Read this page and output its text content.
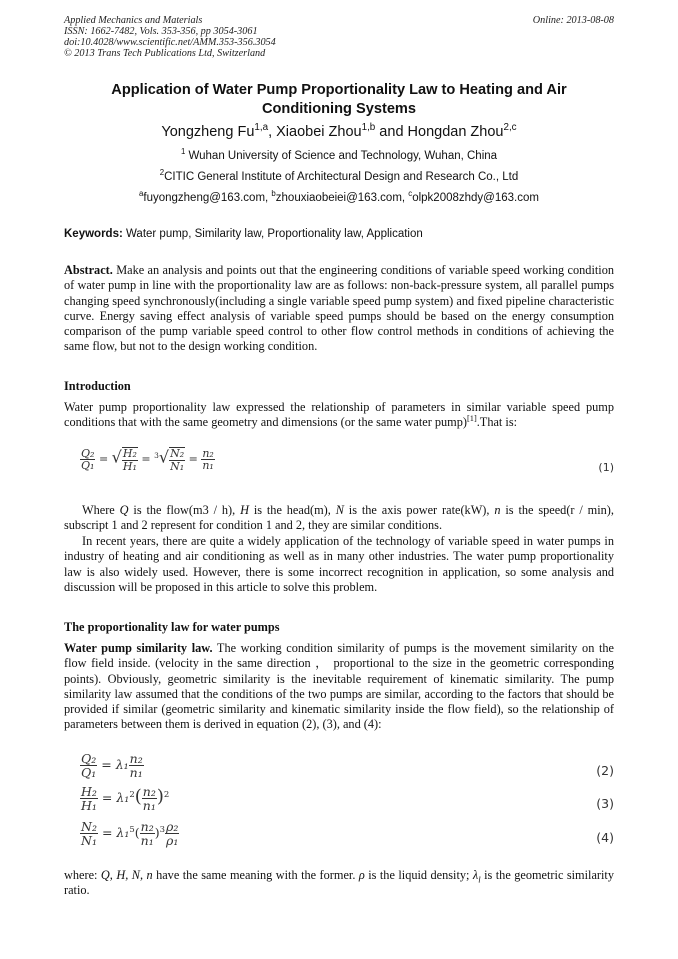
Applied Mechanics and Materials
ISSN: 1662-7482, Vols. 353-356, pp 3054-3061
doi:10.4028/www.scientific.net/AMM.353-356.3054
© 2013 Trans Tech Publications Ltd, Switzerland
Online: 2013-08-08
Application of Water Pump Proportionality Law to Heating and Air
Conditioning Systems
Yongzheng Fu$^{1,a}$, Xiaobei Zhou$^{1,b}$ and Hongdan Zhou$^{2,c}$
$^1$ Wuhan University of Science and Technology, Wuhan, China
$^2$CITIC General Institute of Architectural Design and Research Co., Ltd
$^a$fuyongzheng@163.com, $^b$zhouxiaobeiei@163.com, $^c$olpk2008zhdy@163.com
Keywords: Water pump, Similarity law, Proportionality law, Application
Abstract. Make an analysis and points out that the engineering conditions of variable speed working condition of water pump in line with the proportionality law are as follows: non-back-pressure system, all parallel pumps changing speed synchronously(including a single variable speed pump system) and fixed pipeline characteristic curve. Energy saving effect analysis of variable speed pumps should be based on the energy consumption comparison of the pump variable speed control to other flow control methods in conditions of achieving the same flow, but not to the design working condition.
Introduction
Water pump proportionality law expressed the relationship of parameters in similar variable speed pump conditions that with the same geometry and dimensions (or the same water pump)[1].That is:
$\frac{\text{Q₂}}{\text{Q₁}}$ = √ $\frac{\text{H₂}}{\text{H₁}} = ^3√ \frac{\text{N₂}}{\text{N₁}} = \frac{\text{n₂}}{\text{n₁}}$	(1)
Where Q is the flow(m3 / h), H is the head(m), N is the axis power rate(kW), n is the speed(r / min), subscript 1 and 2 represent for condition 1 and 2, they are similar conditions.
In recent years, there are quite a widely application of the technology of variable speed in water pumps in industry of heating and air conditioning as well as in many other industries. The water pump proportionality law is also widely used. However, there is some incorrect recognition in application, so some analysis and discussion will be proposed in this article to solve this problem.
The proportionality law for water pumps
Water pump similarity law. The working condition similarity of pumps is the movement similarity on the flow field inside. (velocity in the same direction ， proportional to the size in the geometric corresponding points). Obviously, geometric similarity is the inevitable requirement of kinematic similarity. The pump similarity law assumed that the conditions of the two pumps are similar, according to the factors that should be provided if similar (geometric similarity and kinematic similarity inside the flow field), so the relationship of parameters between them is derived in equation (2), (3), and (4):
$\frac{\text{Q₂}}{\text{Q₁}} = \lambda_1 \frac{\text{n₂}}{\text{n₁}}$	(2)
$\frac{\text{H₂}}{\text{H₁}} = \lambda_1^2( \frac{\text{n₂}}{\text{n₁}} )^2$
(3)
$\frac{\text{N₂}}{\text{N₁}} = \lambda_1^5( \frac{\text{n₂}}{\text{n₁}} )^3 \frac{\text{ρ₂}}{\text{ρ₁}}$	(4)
where: Q, H, N, n have the same meaning with the former. ρ is the liquid density; $\lambda_l$ is the geometric similarity ratio.
